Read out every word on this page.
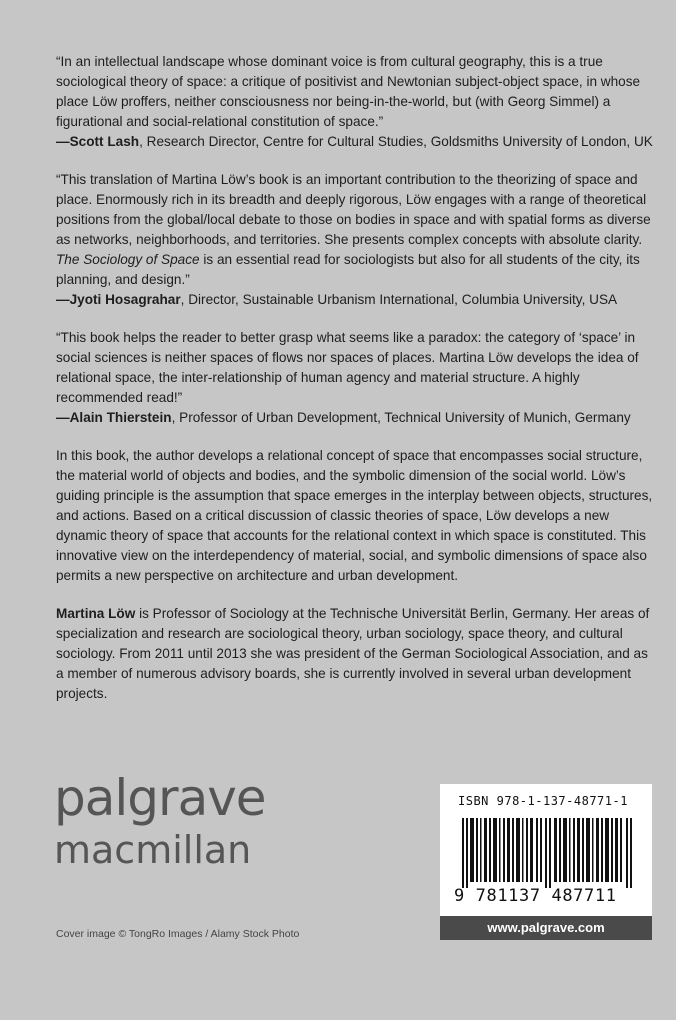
“In an intellectual landscape whose dominant voice is from cultural geography, this is a true sociological theory of space: a critique of positivist and Newtonian subject-object space, in whose place Löw proffers, neither consciousness nor being-in-the-world, but (with Georg Simmel) a figurational and social-relational constitution of space.”

—Scott Lash, Research Director, Centre for Cultural Studies, Goldsmiths University of London, UK

“This translation of Martina Löw’s book is an important contribution to the theorizing of space and place. Enormously rich in its breadth and deeply rigorous, Löw engages with a range of theoretical positions from the global/local debate to those on bodies in space and with spatial forms as diverse as networks, neighborhoods, and territories. She presents complex concepts with absolute clarity. The Sociology of Space is an essential read for sociologists but also for all students of the city, its planning, and design.”

—Jyoti Hosagrahar, Director, Sustainable Urbanism International, Columbia University, USA

“This book helps the reader to better grasp what seems like a paradox: the category of ‘space’ in social sciences is neither spaces of flows nor spaces of places. Martina Löw develops the idea of relational space, the inter-relationship of human agency and material structure. A highly recommended read!”

—Alain Thierstein, Professor of Urban Development, Technical University of Munich, Germany

In this book, the author develops a relational concept of space that encompasses social structure, the material world of objects and bodies, and the symbolic dimension of the social world. Löw’s guiding principle is the assumption that space emerges in the interplay between objects, structures, and actions. Based on a critical discussion of classic theories of space, Löw develops a new dynamic theory of space that accounts for the relational context in which space is constituted. This innovative view on the interdependency of material, social, and symbolic dimensions of space also permits a new perspective on architecture and urban development.

Martina Löw is Professor of Sociology at the Technische Universität Berlin, Germany. Her areas of specialization and research are sociological theory, urban sociology, space theory, and cultural sociology. From 2011 until 2013 she was president of the German Sociological Association, and as a member of numerous advisory boards, she is currently involved in several urban development projects.

palgrave
macmillan
Cover image © TongRo Images / Alamy Stock Photo
ISBN 978-1-137-48771-1
9 781137 487711
www.palgrave.com
